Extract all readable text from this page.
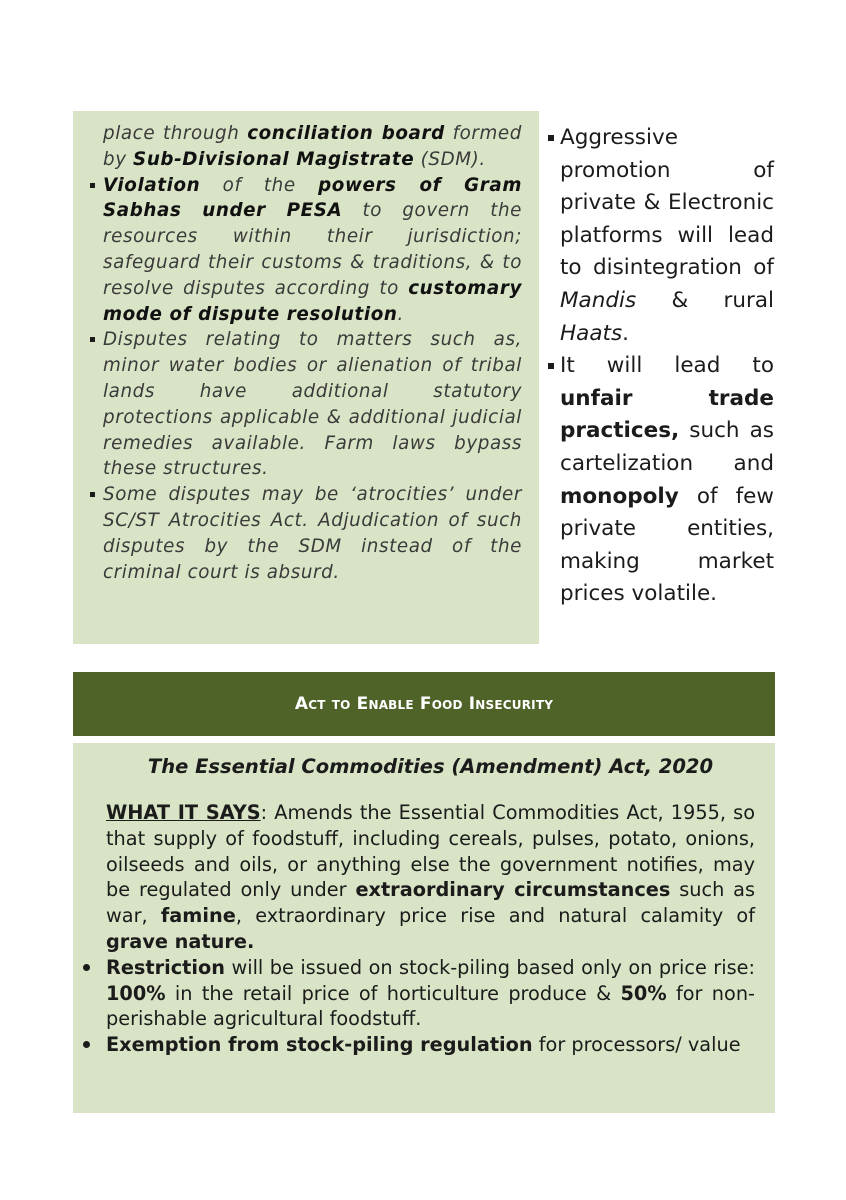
place through conciliation board formed by Sub-Divisional Magistrate (SDM).

Violation of the powers of Gram Sabhas under PESA to govern the resources within their jurisdiction; safeguard their customs & traditions, & to resolve disputes according to customary mode of dispute resolution.
Disputes relating to matters such as, minor water bodies or alienation of tribal lands have additional statutory protections applicable & additional judicial remedies available. Farm laws bypass these structures.
Some disputes may be ‘atrocities’ under SC/ST Atrocities Act. Adjudication of such disputes by the SDM instead of the criminal court is absurd.
Aggressive promotion of private & Electronic platforms will lead to disintegration of Mandis & rural Haats.
It will lead to unfair trade practices, such as cartelization and monopoly of few private entities, making market prices volatile.
Act to Enable Food Insecurity
The Essential Commodities (Amendment) Act, 2020

WHAT IT SAYS: Amends the Essential Commodities Act, 1955, so that supply of foodstuff, including cereals, pulses, potato, onions, oilseeds and oils, or anything else the government notifies, may be regulated only under extraordinary circumstances such as war, famine, extraordinary price rise and natural calamity of grave nature.

Restriction will be issued on stock-piling based only on price rise: 100% in the retail price of horticulture produce & 50% for non-perishable agricultural foodstuff.
Exemption from stock-piling regulation for processors/ value
